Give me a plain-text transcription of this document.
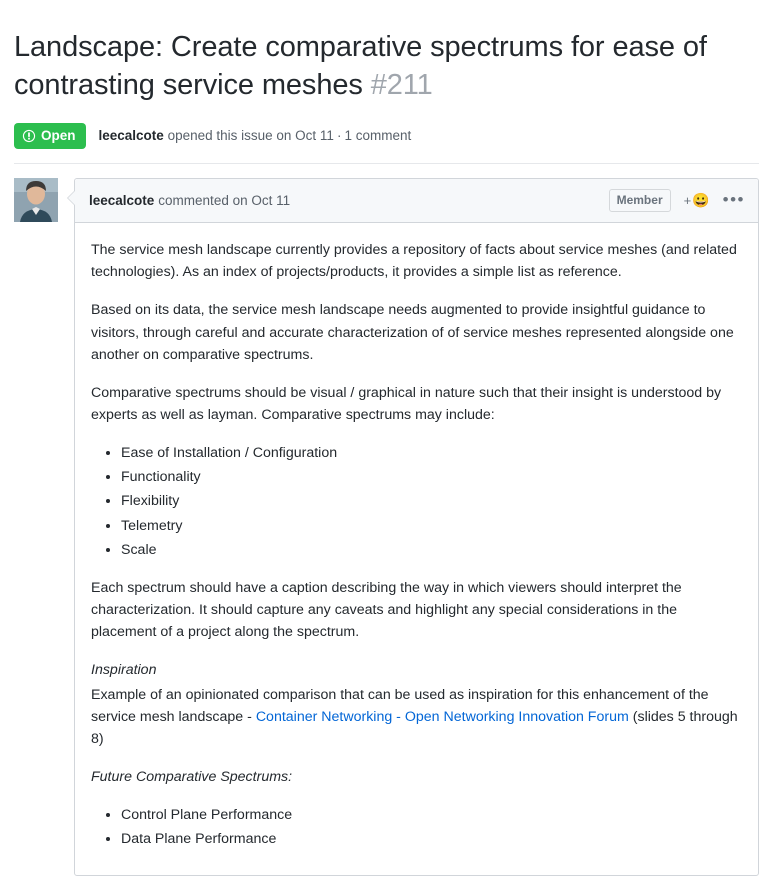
Landscape: Create comparative spectrums for ease of contrasting service meshes #211
Open leecalcote opened this issue on Oct 11 · 1 comment
leecalcote commented on Oct 11	Member	+ 😀 •••

The service mesh landscape currently provides a repository of facts about service meshes (and related technologies). As an index of projects/products, it provides a simple list as reference.

Based on its data, the service mesh landscape needs augmented to provide insightful guidance to visitors, through careful and accurate characterization of of service meshes represented alongside one another on comparative spectrums.

Comparative spectrums should be visual / graphical in nature such that their insight is understood by experts as well as layman. Comparative spectrums may include:

• Ease of Installation / Configuration
• Functionality
• Flexibility
• Telemetry
• Scale

Each spectrum should have a caption describing the way in which viewers should interpret the characterization. It should capture any caveats and highlight any special considerations in the placement of a project along the spectrum.

Inspiration

Example of an opinionated comparison that can be used as inspiration for this enhancement of the service mesh landscape - Container Networking - Open Networking Innovation Forum (slides 5 through 8)

Future Comparative Spectrums:

• Control Plane Performance
• Data Plane Performance
